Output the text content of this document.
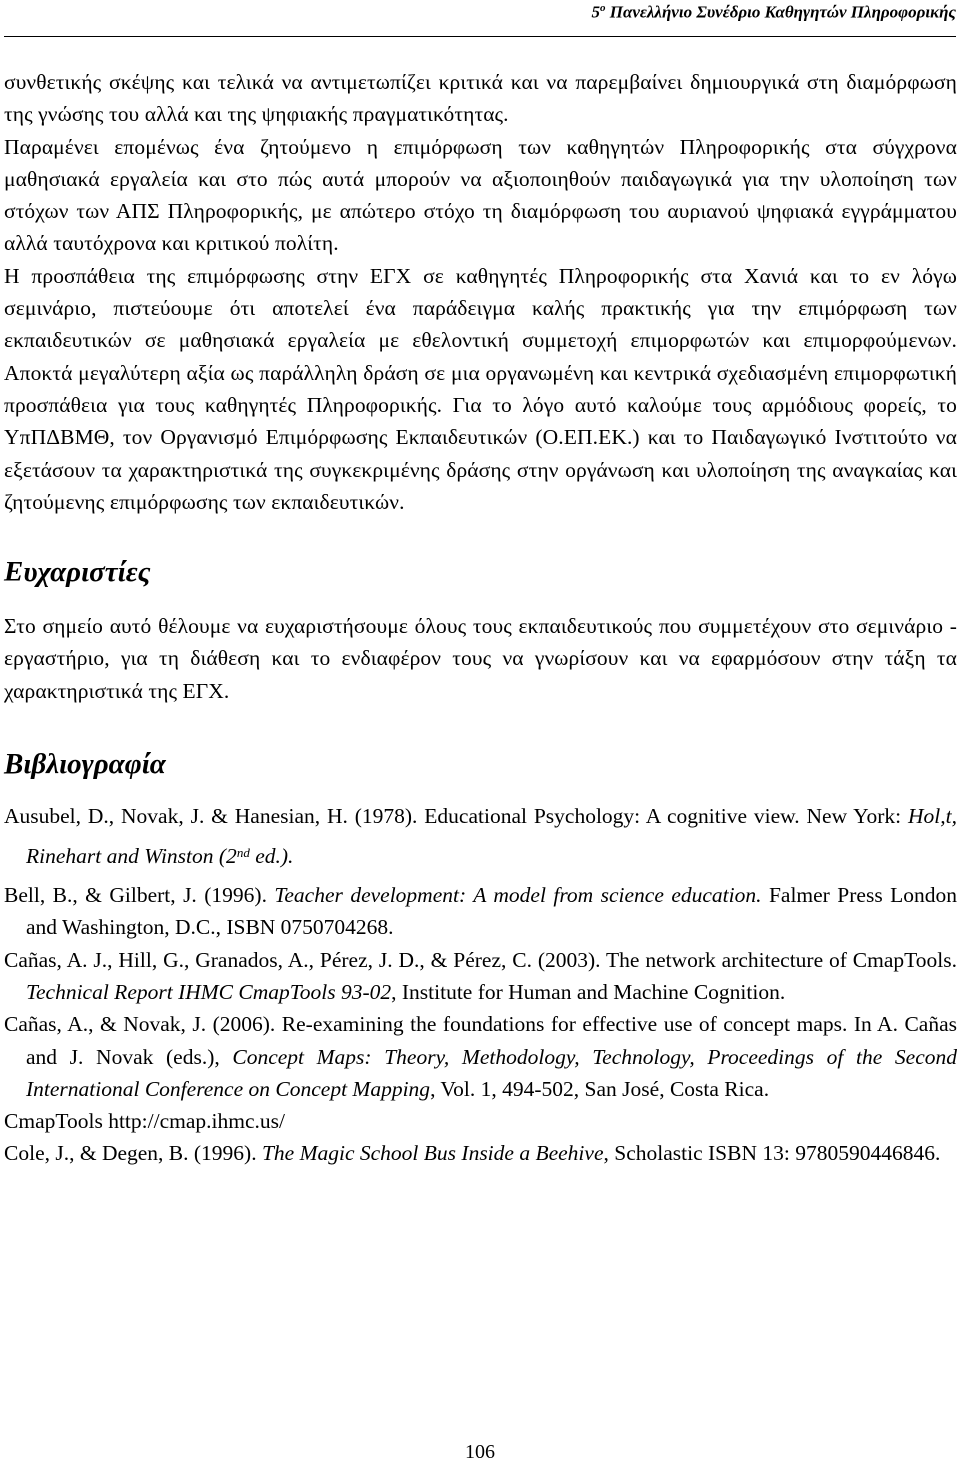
$5^o$ Πανελλήνιο Συνέδριο Καθηγητών Πληροφορικής

συνθετικής σκέψης και τελικά να αντιμετωπίζει κριτικά και να παρεμβαίνει δημιουργικά στη διαμόρφωση της γνώσης του αλλά και της ψηφιακής πραγματικότητας.

Παραμένει επομένως ένα ζητούμενο η επιμόρφωση των καθηγητών Πληροφορικής στα σύγχρονα μαθησιακά εργαλεία και στο πώς αυτά μπορούν να αξιοποιηθούν παιδαγωγικά για την υλοποίηση των στόχων των ΑΠΣ Πληροφορικής, με απώτερο στόχο τη διαμόρφωση του αυριανού ψηφιακά εγγράμματου αλλά ταυτόχρονα και κριτικού πολίτη.

Η προσπάθεια της επιμόρφωσης στην ΕΓΧ σε καθηγητές Πληροφορικής στα Χανιά και το εν λόγω σεμινάριο, πιστεύουμε ότι αποτελεί ένα παράδειγμα καλής πρακτικής για την επιμόρφωση των εκπαιδευτικών σε μαθησιακά εργαλεία με εθελοντική συμμετοχή επιμορφωτών και επιμορφούμενων. Αποκτά μεγαλύτερη αξία ως παράλληλη δράση σε μια οργανωμένη και κεντρικά σχεδιασμένη επιμορφωτική προσπάθεια για τους καθηγητές Πληροφορικής. Για το λόγο αυτό καλούμε τους αρμόδιους φορείς, το ΥπΠΔΒΜΘ, τον Οργανισμό Επιμόρφωσης Εκπαιδευτικών (Ο.ΕΠ.ΕΚ.) και το Παιδαγωγικό Ινστιτούτο να εξετάσουν τα χαρακτηριστικά της συγκεκριμένης δράσης στην οργάνωση και υλοποίηση της αναγκαίας και ζητούμενης επιμόρφωσης των εκπαιδευτικών.

Ευχαριστίες

Στο σημείο αυτό θέλουμε να ευχαριστήσουμε όλους τους εκπαιδευτικούς που συμμετέχουν στο σεμινάριο - εργαστήριο, για τη διάθεση και το ενδιαφέρον τους να γνωρίσουν και να εφαρμόσουν στην τάξη τα χαρακτηριστικά της ΕΓΧ.

Βιβλιογραφία

Ausubel, D., Novak, J. & Hanesian, H. (1978). Educational Psychology: A cognitive view. New York: Hol,t, Rinehart and Winston (2nd ed.).

Bell, B., & Gilbert, J. (1996). Teacher development: A model from science education. Falmer Press London and Washington, D.C., ISBN 0750704268.

Cañas, A. J., Hill, G., Granados, A., Pérez, J. D., & Pérez, C. (2003). The network architecture of CmapTools. Technical Report IHMC CmapTools 93-02, Institute for Human and Machine Cognition.

Cañas, A., & Novak, J. (2006). Re-examining the foundations for effective use of concept maps. In A. Cañas and J. Novak (eds.), Concept Maps: Theory, Methodology, Technology, Proceedings of the Second International Conference on Concept Mapping, Vol. 1, 494-502, San José, Costa Rica.

CmapTools http://cmap.ihmc.us/

Cole, J., & Degen, B. (1996). The Magic School Bus Inside a Beehive, Scholastic ISBN 13: 9780590446846.

106
